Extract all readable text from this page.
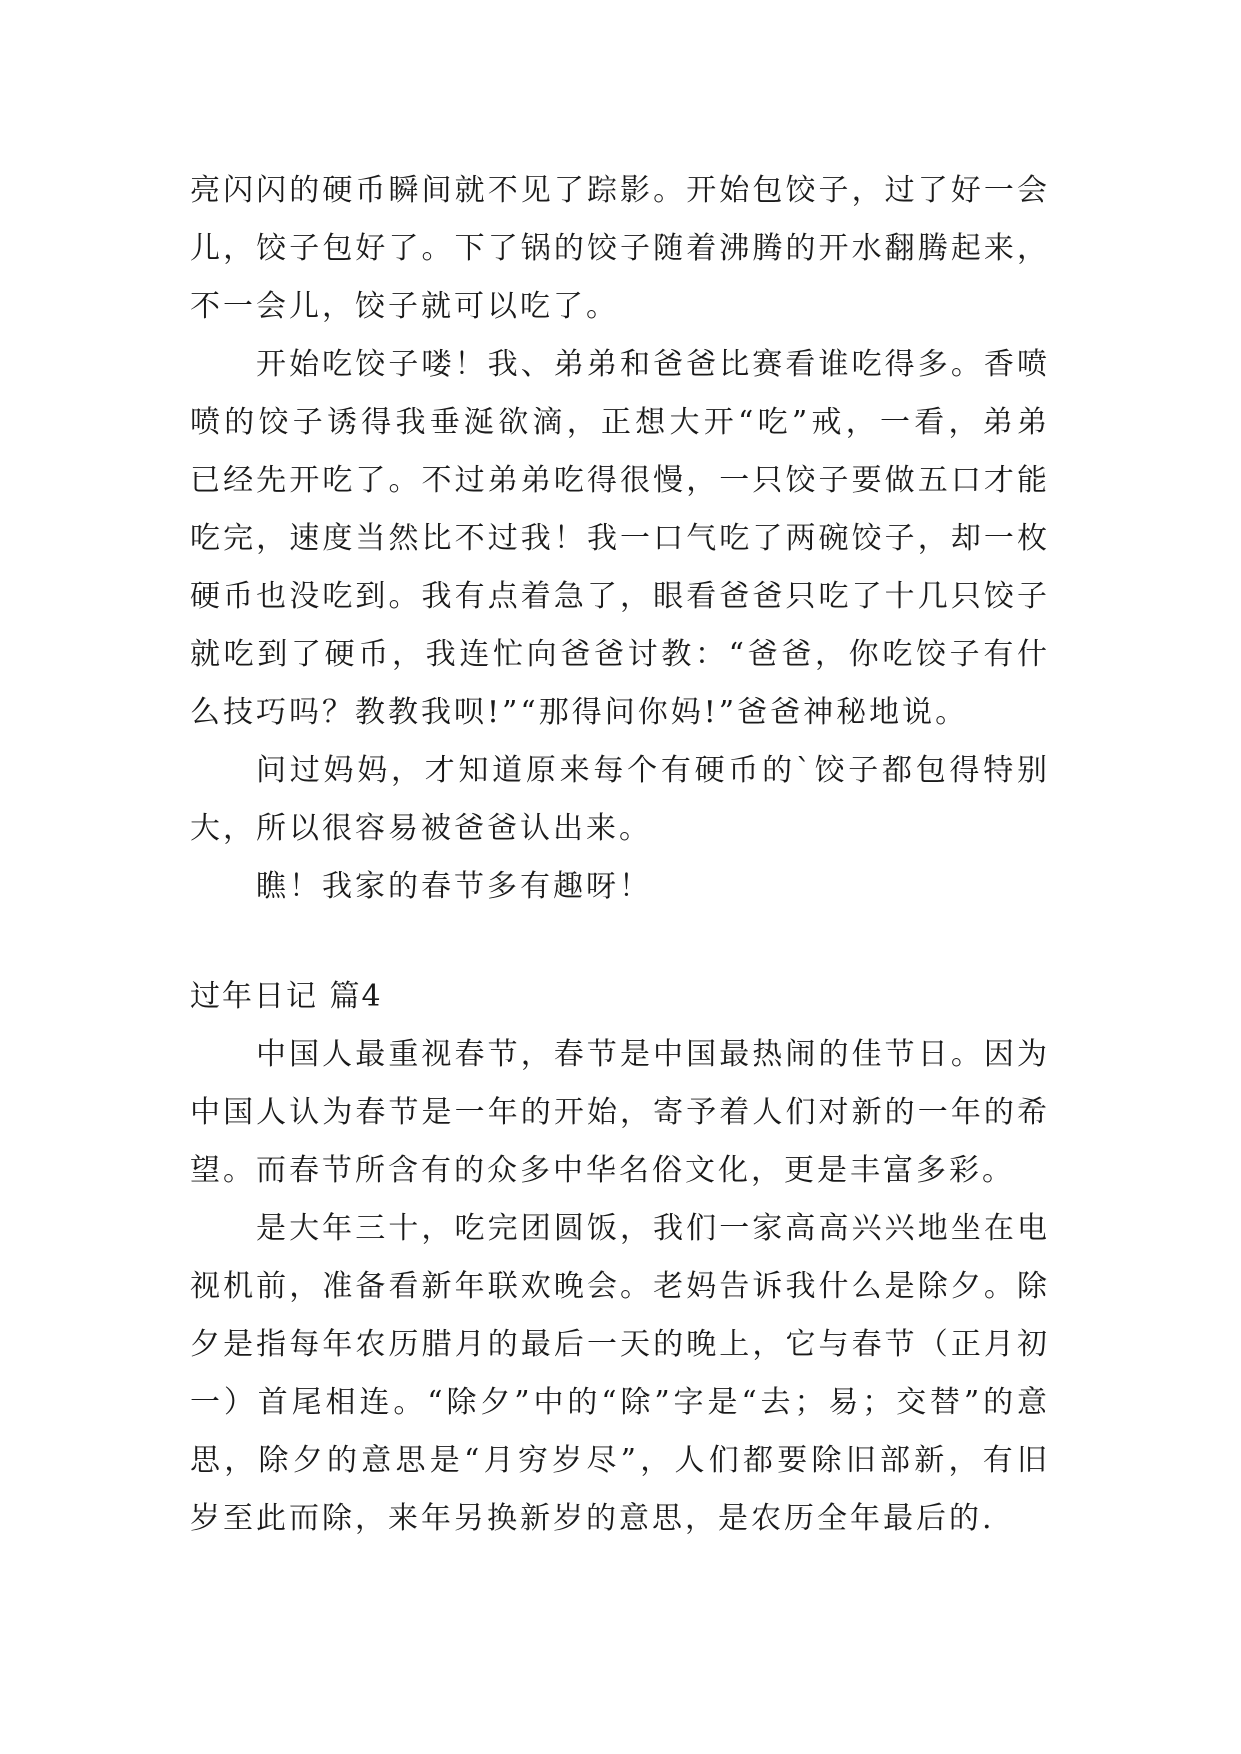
亮闪闪的硬币瞬间就不见了踪影。开始包饺子，过了好一会儿，饺子包好了。下了锅的饺子随着沸腾的开水翻腾起来，不一会儿，饺子就可以吃了。

开始吃饺子喽！我、弟弟和爸爸比赛看谁吃得多。香喷喷的饺子诱得我垂涎欲滴，正想大开“吃”戒，一看，弟弟已经先开吃了。不过弟弟吃得很慢，一只饺子要做五口才能吃完，速度当然比不过我！我一口气吃了两碗饺子，却一枚硬币也没吃到。我有点着急了，眼看爸爸只吃了十几只饺子就吃到了硬币，我连忙向爸爸讨教：“爸爸，你吃饺子有什么技巧吗？教教我呗!”“那得问你妈!”爸爸神秘地说。

问过妈妈，才知道原来每个有硬币的`饺子都包得特别大，所以很容易被爸爸认出来。

瞧！我家的春节多有趣呀！

过年日记 篇4

中国人最重视春节，春节是中国最热闹的佳节日。因为中国人认为春节是一年的开始，寄予着人们对新的一年的希望。而春节所含有的众多中华名俗文化，更是丰富多彩。

是大年三十，吃完团圆饭，我们一家高高兴兴地坐在电视机前，准备看新年联欢晚会。老妈告诉我什么是除夕。除夕是指每年农历腊月的最后一天的晚上，它与春节（正月初一）首尾相连。“除夕”中的“除”字是“去；易；交替”的意思，除夕的意思是“月穷岁尽”，人们都要除旧部新，有旧岁至此而除，来年另换新岁的意思，是农历全年最后的.
